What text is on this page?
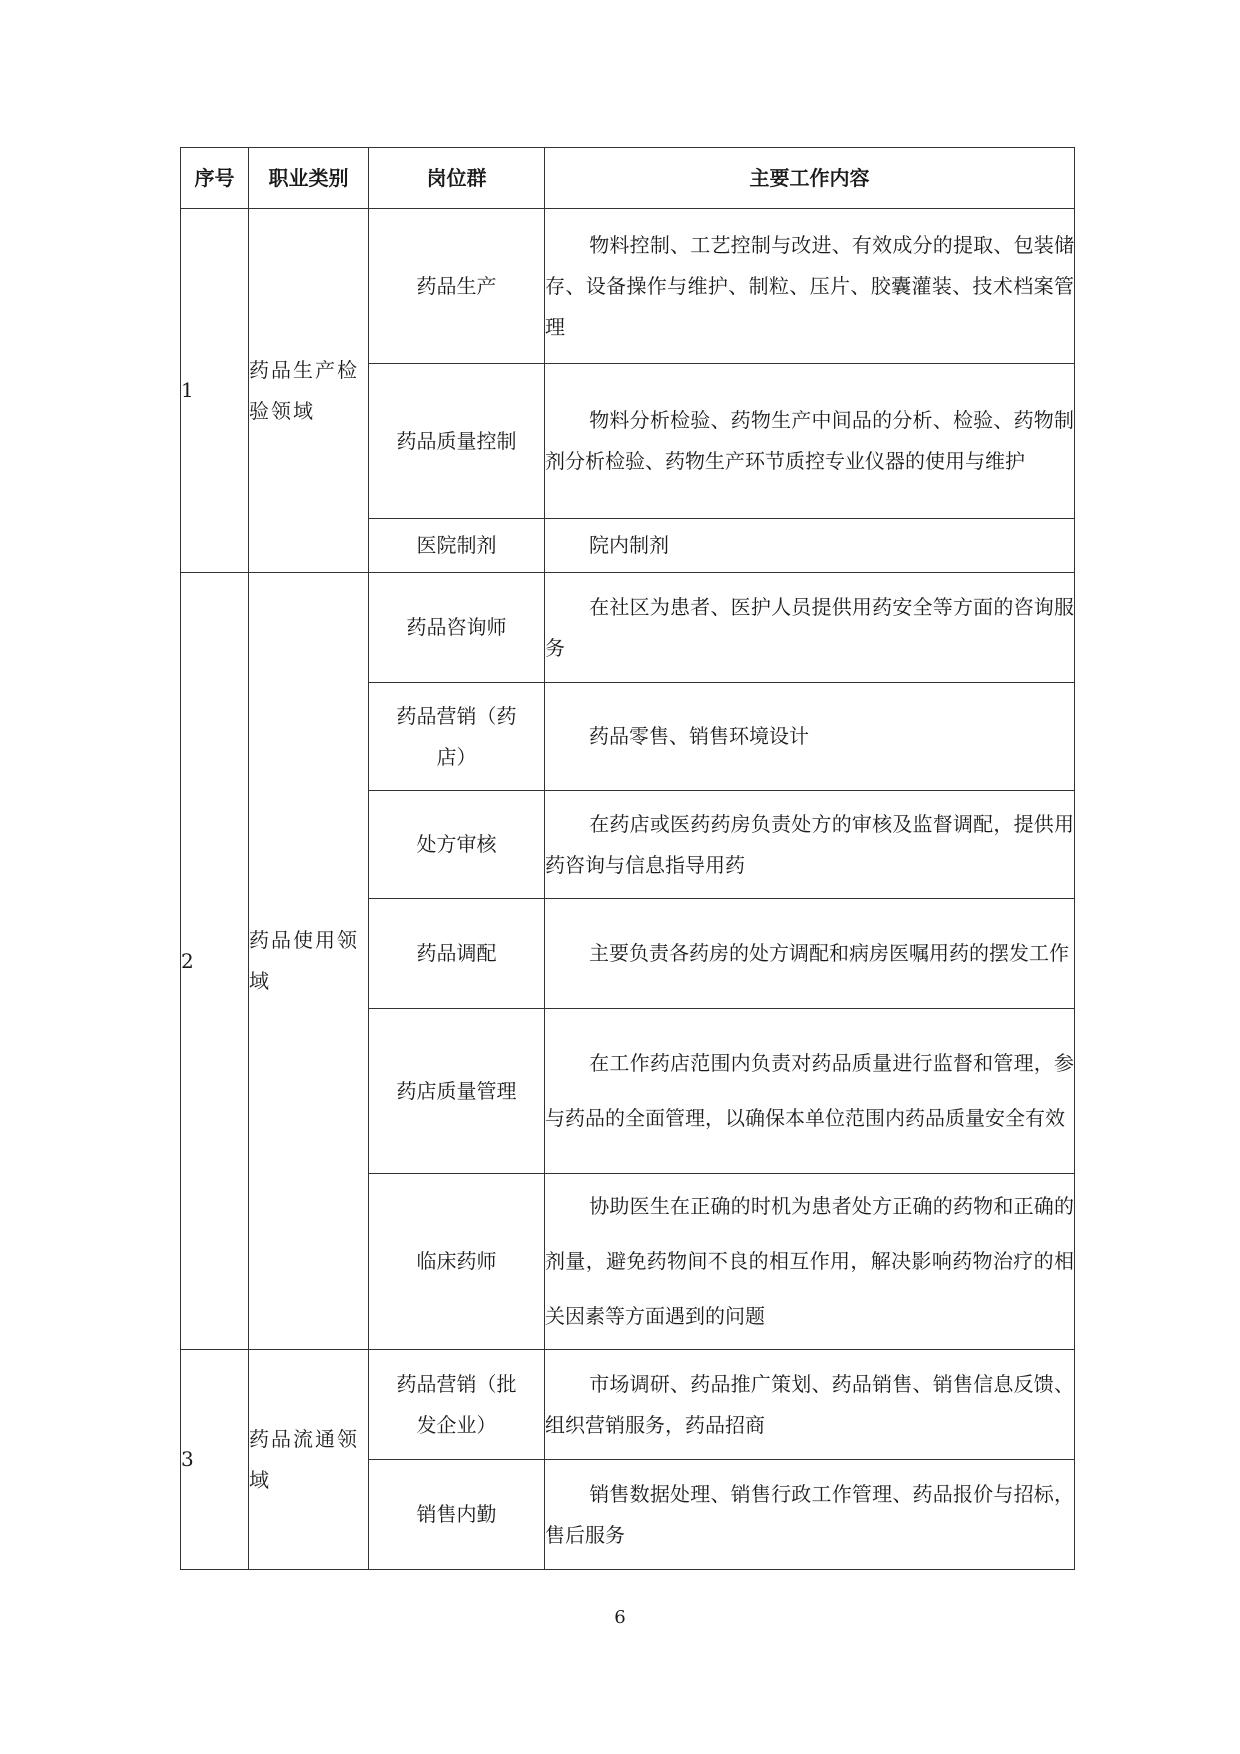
序号	职业类别	岗位群	主要工作内容
1	药品生产检验领域	药品生产	物料控制、工艺控制与改进、有效成分的提取、包装储存、设备操作与维护、制粒、压片、胶囊灌装、技术档案管理
		药品质量控制	物料分析检验、药物生产中间品的分析、检验、药物制剂分析检验、药物生产环节质控专业仪器的使用与维护
		医院制剂	院内制剂
2	药品使用领域	药品咨询师	在社区为患者、医护人员提供用药安全等方面的咨询服务
		药品营销（药店）	药品零售、销售环境设计
		处方审核	在药店或医药药房负责处方的审核及监督调配，提供用药咨询与信息指导用药
		药品调配	主要负责各药房的处方调配和病房医嘱用药的摆发工作
		药店质量管理	在工作药店范围内负责对药品质量进行监督和管理，参与药品的全面管理，以确保本单位范围内药品质量安全有效
		临床药师	协助医生在正确的时机为患者处方正确的药物和正确的剂量，避免药物间不良的相互作用，解决影响药物治疗的相关因素等方面遇到的问题
3	药品流通领域	药品营销（批发企业）	市场调研、药品推广策划、药品销售、销售信息反馈、组织营销服务，药品招商
		销售内勤	销售数据处理、销售行政工作管理、药品报价与招标，售后服务
6
